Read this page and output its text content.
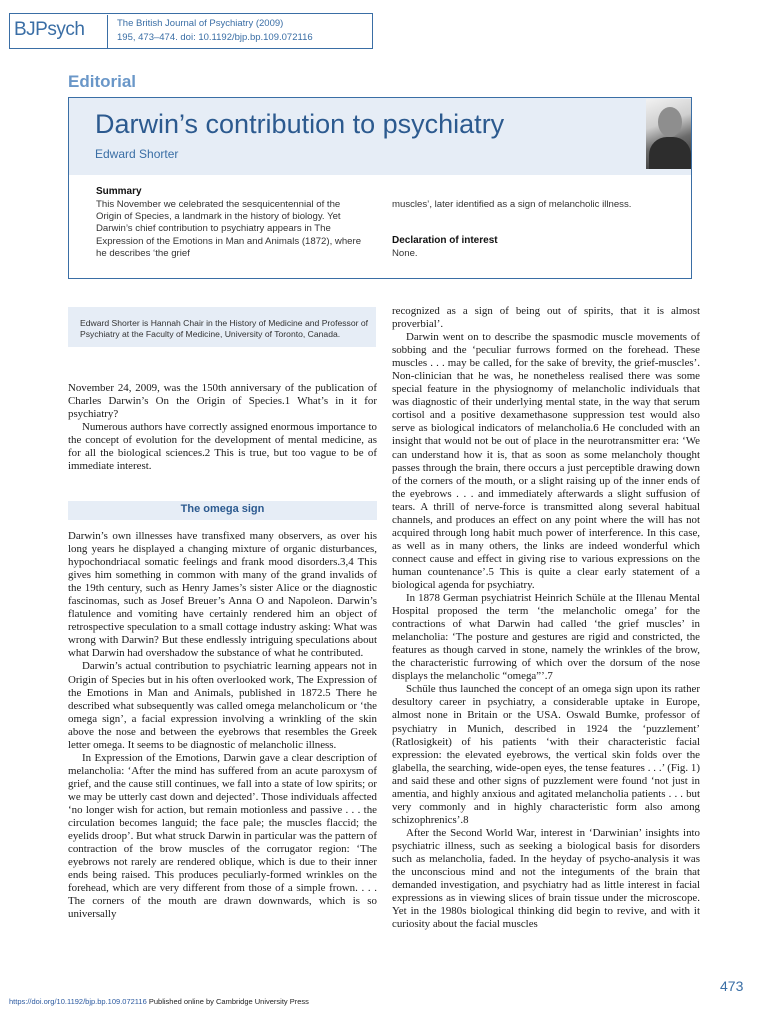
BJPsych	The British Journal of Psychiatry (2009)
195, 473–474. doi: 10.1192/bjp.bp.109.072116
Editorial
Darwin’s contribution to psychiatry
Edward Shorter
Summary
This November we celebrated the sesquicentennial of the Origin of Species, a landmark in the history of biology. Yet Darwin’s chief contribution to psychiatry appears in The Expression of the Emotions in Man and Animals (1872), where he describes ‘the grief
muscles’, later identified as a sign of melancholic illness.
Declaration of interest
None.
Edward Shorter is Hannah Chair in the History of Medicine and Professor of Psychiatry at the Faculty of Medicine, University of Toronto, Canada.

November 24, 2009, was the 150th anniversary of the publication of Charles Darwin’s On the Origin of Species.1 What’s in it for psychiatry?

Numerous authors have correctly assigned enormous importance to the concept of evolution for the development of mental medicine, as for all the biological sciences.2 This is true, but too vague to be of immediate interest.

The omega sign

Darwin’s own illnesses have transfixed many observers, as over his long years he displayed a changing mixture of organic disturbances, hypochondriacal somatic feelings and frank mood disorders.3,4 This gives him something in common with many of the grand invalids of the 19th century, such as Henry James’s sister Alice or the diagnostic fascinomas, such as Josef Breuer’s Anna O and Napoleon. Darwin’s flatulence and vomiting have certainly rendered him an object of retrospective speculation to a small cottage industry asking: What was wrong with Darwin? But these endlessly intriguing speculations about what Darwin had overshadow the substance of what he contributed.

Darwin’s actual contribution to psychiatric learning appears not in Origin of Species but in his often overlooked work, The Expression of the Emotions in Man and Animals, published in 1872.5 There he described what subsequently was called omega melancholicum or ‘the omega sign’, a facial expression involving a wrinkling of the skin above the nose and between the eyebrows that resembles the Greek letter omega. It seems to be diagnostic of melancholic illness.

In Expression of the Emotions, Darwin gave a clear description of melancholia: ‘After the mind has suffered from an acute paroxysm of grief, and the cause still continues, we fall into a state of low spirits; or we may be utterly cast down and dejected’. Those individuals affected ‘no longer wish for action, but remain motionless and passive . . . the circulation becomes languid; the face pale; the muscles flaccid; the eyelids droop’. But what struck Darwin in particular was the pattern of contraction of the brow muscles of the corrugator region: ‘The eyebrows not rarely are rendered oblique, which is due to their inner ends being raised. This produces peculiarly-formed wrinkles on the forehead, which are very different from those of a simple frown. . . . The corners of the mouth are drawn downwards, which is so universally

recognized as a sign of being out of spirits, that it is almost proverbial’.

Darwin went on to describe the spasmodic muscle movements of sobbing and the ‘peculiar furrows formed on the forehead. These muscles . . . may be called, for the sake of brevity, the grief-muscles’. Non-clinician that he was, he nonetheless realised there was some special feature in the physiognomy of melancholic individuals that was diagnostic of their underlying mental state, in the way that serum cortisol and a positive dexamethasone suppression test would also serve as biological indicators of melancholia.6 He concluded with an insight that would not be out of place in the neurotransmitter era: ‘We can understand how it is, that as soon as some melancholy thought passes through the brain, there occurs a just perceptible drawing down of the corners of the mouth, or a slight raising up of the inner ends of the eyebrows . . . and immediately afterwards a slight suffusion of tears. A thrill of nerve-force is transmitted along several habitual channels, and produces an effect on any point where the will has not acquired through long habit much power of interference. In this case, as well as in many others, the links are indeed wonderful which connect cause and effect in giving rise to various expressions on the human countenance’.5 This is quite a clear early statement of a biological agenda for psychiatry.

In 1878 German psychiatrist Heinrich Schüle at the Illenau Mental Hospital proposed the term ‘the melancholic omega’ for the contractions of what Darwin had called ‘the grief muscles’ in melancholia: ‘The posture and gestures are rigid and constricted, the features as though carved in stone, namely the wrinkles of the brow, the characteristic furrowing of which over the dorsum of the nose displays the melancholic “omega”’.7

Schüle thus launched the concept of an omega sign upon its rather desultory career in psychiatry, a considerable uptake in Europe, almost none in Britain or the USA. Oswald Bumke, professor of psychiatry in Munich, described in 1924 the ‘puzzlement’ (Ratlosigkeit) of his patients ‘with their characteristic facial expression: the elevated eyebrows, the vertical skin folds over the glabella, the searching, wide-open eyes, the tense features . . .’ (Fig. 1) and said these and other signs of puzzlement were found ‘not just in amentia, and highly anxious and agitated melancholia patients . . . but very commonly and in highly characteristic form also among schizophrenics’.8

After the Second World War, interest in ‘Darwinian’ insights into psychiatric illness, such as seeking a biological basis for disorders such as melancholia, faded. In the heyday of psycho-analysis it was the unconscious mind and not the integuments of the brain that demanded investigation, and psychiatry had as little interest in facial expressions as in viewing slices of brain tissue under the microscope. Yet in the 1980s biological thinking did begin to revive, and with it curiosity about the facial muscles

https://doi.org/10.1192/bjp.bp.109.072116 Published online by Cambridge University Press
473
